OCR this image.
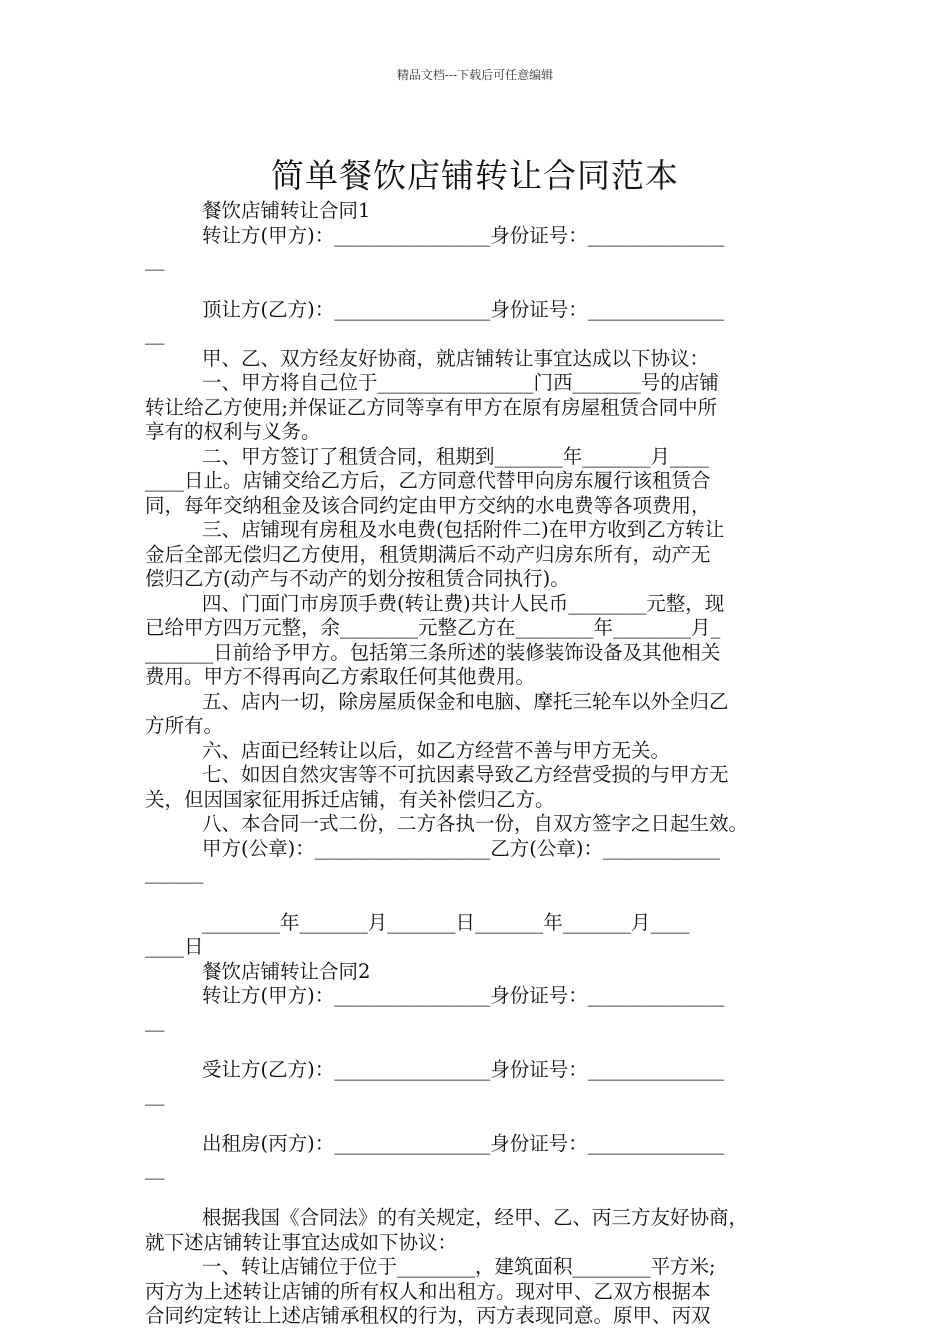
精品文档---下载后可任意编辑
简单餐饮店铺转让合同范本
餐饮店铺转让合同1
转让方(甲方)：________________身份证号：______________
__
顶让方(乙方)：________________身份证号：______________
__
甲、乙、双方经友好协商，就店铺转让事宜达成以下协议：
一、甲方将自己位于________________门西_______号的店铺
转让给乙方使用;并保证乙方同等享有甲方在原有房屋租赁合同中所
享有的权利与义务。
二、甲方签订了租赁合同，租期到_______年_______月____
____日止。店铺交给乙方后，乙方同意代替甲向房东履行该租赁合
同，每年交纳租金及该合同约定由甲方交纳的水电费等各项费用，
三、店铺现有房租及水电费(包括附件二)在甲方收到乙方转让
金后全部无偿归乙方使用，租赁期满后不动产归房东所有，动产无
偿归乙方(动产与不动产的划分按租赁合同执行)。
四、门面门市房顶手费(转让费)共计人民币________元整，现
已给甲方四万元整，余________元整乙方在________年________月_
_______日前给予甲方。包括第三条所述的装修装饰设备及其他相关
费用。甲方不得再向乙方索取任何其他费用。
五、店内一切，除房屋质保金和电脑、摩托三轮车以外全归乙
方所有。
六、店面已经转让以后，如乙方经营不善与甲方无关。
七、如因自然灾害等不可抗因素导致乙方经营受损的与甲方无
关，但因国家征用拆迁店铺，有关补偿归乙方。
八、本合同一式二份，二方各执一份，自双方签字之日起生效。
甲方(公章)：__________________乙方(公章)：____________
______
________年_______月_______日_______年_______月____
____日
餐饮店铺转让合同2
转让方(甲方)：________________身份证号：______________
__
受让方(乙方)：________________身份证号：______________
__
出租房(丙方)：________________身份证号：______________
__
根据我国《合同法》的有关规定，经甲、乙、丙三方友好协商，
就下述店铺转让事宜达成如下协议：
一、转让店铺位于位于________，建筑面积________平方米;
丙方为上述转让店铺的所有权人和出租方。现对甲、乙双方根据本
合同约定转让上述店铺承租权的行为，丙方表现同意。原甲、丙双
